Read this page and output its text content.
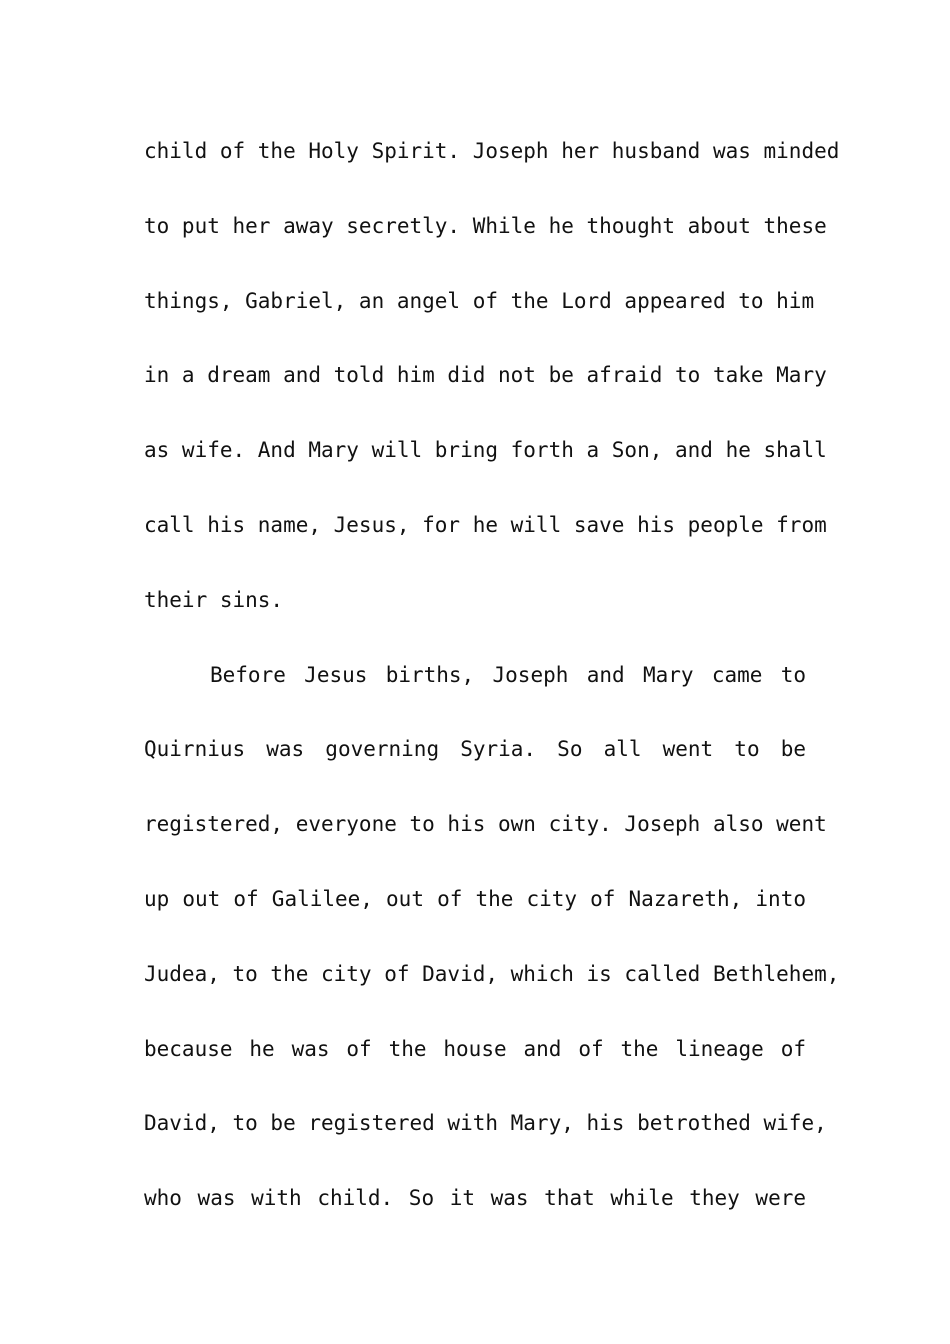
child of the Holy Spirit. Joseph her husband was minded
to put her away secretly. While he thought about these
things, Gabriel, an angel of the Lord appeared to him
in a dream and told him did not be afraid to take Mary
as wife. And Mary will bring forth a Son, and he shall
call his name, Jesus, for he will save his people from
their sins.
Before Jesus births, Joseph and Mary came to
Quirnius was governing Syria. So all went to be
registered, everyone to his own city. Joseph also went
up out of Galilee, out of the city of Nazareth, into
Judea, to the city of David, which is called Bethlehem,
because he was of the house and of the lineage of
David, to be registered with Mary, his betrothed wife,
who was with child. So it was that while they were
